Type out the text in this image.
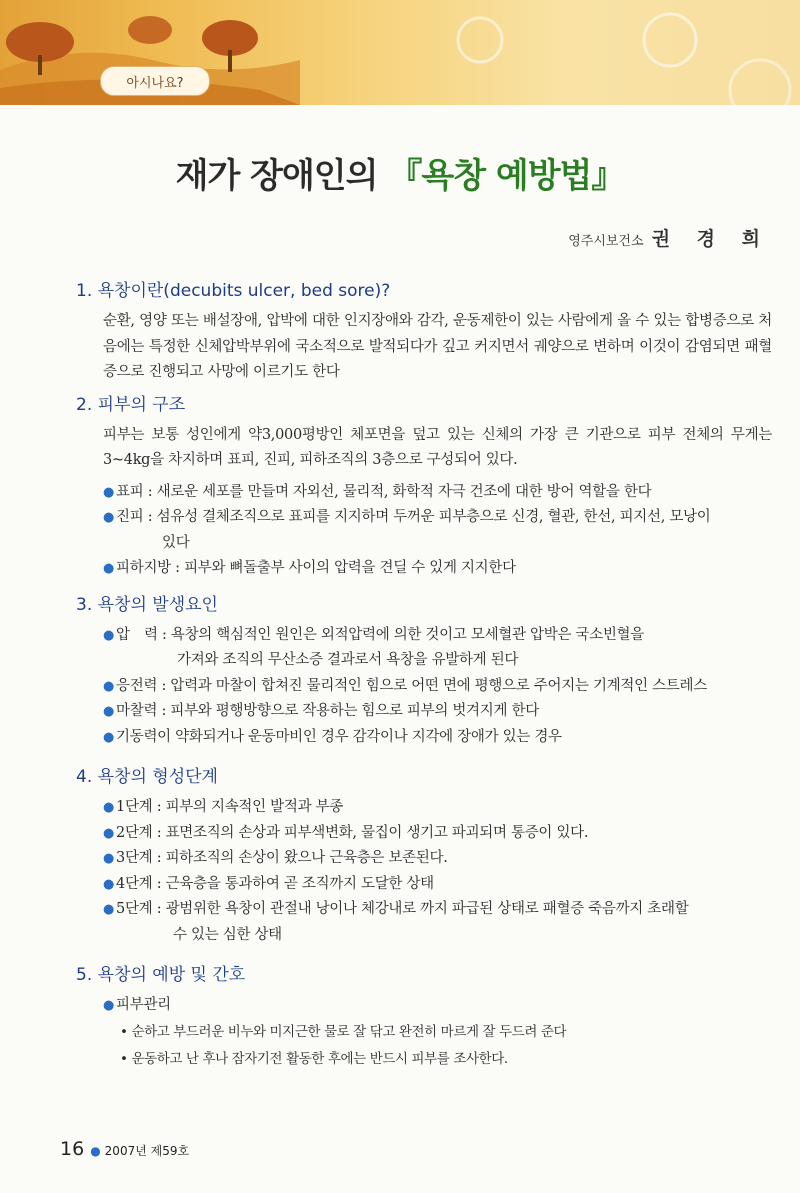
아시나요?
재가 장애인의 『욕창 예방법』
영주시보건소 권 경 희
1. 욕창이란(decubits ulcer, bed sore)?

순환, 영양 또는 배설장애, 압박에 대한 인지장애와 감각, 운동제한이 있는 사람에게 올 수 있는 합병증으로 처음에는 특정한 신체압박부위에 국소적으로 발적되다가 깊고 커지면서 궤양으로 변하며 이것이 감염되면 패혈증으로 진행되고 사망에 이르기도 한다

2. 피부의 구조

피부는 보통 성인에게 약3,000평방인 체포면을 덮고 있는 신체의 가장 큰 기관으로 피부 전체의 무게는 3~4kg을 차지하며 표피, 진피, 피하조직의 3층으로 구성되어 있다.

● 표피 : 새로운 세포를 만들며 자외선, 물리적, 화학적 자극 건조에 대한 방어 역할을 한다

● 진피 : 섬유성 결체조직으로 표피를 지지하며 두꺼운 피부층으로 신경, 혈관, 한선, 피지선, 모낭이
있다

● 피하지방 : 피부와 뼈돌출부 사이의 압력을 견딜 수 있게 지지한다

3. 욕창의 발생요인

● 압　력 : 욕창의 핵심적인 원인은 외적압력에 의한 것이고 모세혈관 압박은 국소빈혈을
가져와 조직의 무산소증 결과로서 욕창을 유발하게 된다

● 응전력 : 압력과 마찰이 합쳐진 물리적인 힘으로 어떤 면에 평행으로 주어지는 기계적인 스트레스

● 마찰력 : 피부와 평행방향으로 작용하는 힘으로 피부의 벗겨지게 한다

● 기동력이 약화되거나 운동마비인 경우 감각이나 지각에 장애가 있는 경우

4. 욕창의 형성단계

● 1단계 : 피부의 지속적인 발적과 부종

● 2단계 : 표면조직의 손상과 피부색변화, 물집이 생기고 파괴되며 통증이 있다.

● 3단계 : 피하조직의 손상이 왔으나 근육층은 보존된다.

● 4단계 : 근육층을 통과하여 곧 조직까지 도달한 상태

● 5단계 : 광범위한 욕창이 관절내 낭이나 체강내로 까지 파급된 상태로 패혈증 죽음까지 초래할
수 있는 심한 상태

5. 욕창의 예방 및 간호

● 피부관리

• 순하고 부드러운 비누와 미지근한 물로 잘 닦고 완전히 마르게 잘 두드려 준다

• 운동하고 난 후나 잠자기전 활동한 후에는 반드시 피부를 조사한다.

16 ● 2007년 제59호
